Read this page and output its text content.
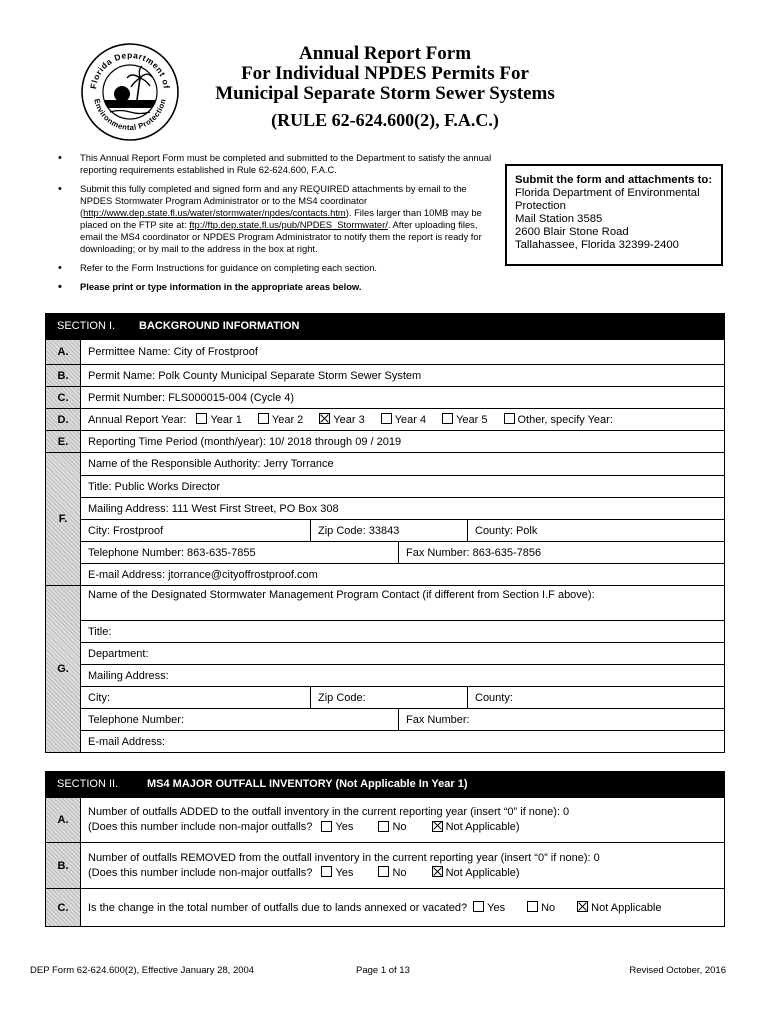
Florida Department of
Environmental Protection
Annual Report Form
For Individual NPDES Permits For
Municipal Separate Storm Sewer Systems
(RULE 62-624.600(2), F.A.C.)
• This Annual Report Form must be completed and submitted to the Department to satisfy the annual reporting requirements established in Rule 62-624.600, F.A.C.
• Submit this fully completed and signed form and any REQUIRED attachments by email to the NPDES Stormwater Program Administrator or to the MS4 coordinator (http://www.dep.state.fl.us/water/stormwater/npdes/contacts.htm). Files larger than 10MB may be placed on the FTP site at: ftp://ftp.dep.state.fl.us/pub/NPDES_Stormwater/. After uploading files, email the MS4 coordinator or NPDES Program Administrator to notify them the report is ready for downloading; or by mail to the address in the box at right.
• Refer to the Form Instructions for guidance on completing each section.
• Please print or type information in the appropriate areas below.
Submit the form and attachments to:
Florida Department of Environmental
Protection
Mail Station 3585
2600 Blair Stone Road
Tallahassee, Florida 32399-2400
SECTION I.	BACKGROUND INFORMATION
A.	Permittee Name: City of Frostproof
B.	Permit Name: Polk County Municipal Separate Storm Sewer System
C.	Permit Number: FLS000015-004 (Cycle 4)
D.	Annual Report Year: Year 1	Year 2	Year 3	Year 4	Year 5	Other, specify Year:
E.	Reporting Time Period (month/year): 10/ 2018 through 09 / 2019
F.
Name of the Responsible Authority: Jerry Torrance
Title: Public Works Director
Mailing Address: 111 West First Street, PO Box 308
City: Frostproof	Zip Code: 33843	County: Polk
Telephone Number: 863-635-7855	Fax Number: 863-635-7856
E-mail Address: jtorrance@cityoffrostproof.com
G.
Name of the Designated Stormwater Management Program Contact (if different from Section I.F above):
Title:
Department:
Mailing Address:
City:	Zip Code:	County:
Telephone Number:	Fax Number:
E-mail Address:
SECTION II.	MS4 MAJOR OUTFALL INVENTORY (Not Applicable In Year 1)
A.
Number of outfalls ADDED to the outfall inventory in the current reporting year (insert “0” if none): 0
(Does this number include non-major outfalls? Yes	No	Not Applicable)
B.
Number of outfalls REMOVED from the outfall inventory in the current reporting year (insert “0” if none): 0
(Does this number include non-major outfalls? Yes	No	Not Applicable)
C.	Is the change in the total number of outfalls due to lands annexed or vacated? Yes	No	Not Applicable
DEP Form 62-624.600(2), Effective January 28, 2004	Page 1 of 13	Revised October, 2016
